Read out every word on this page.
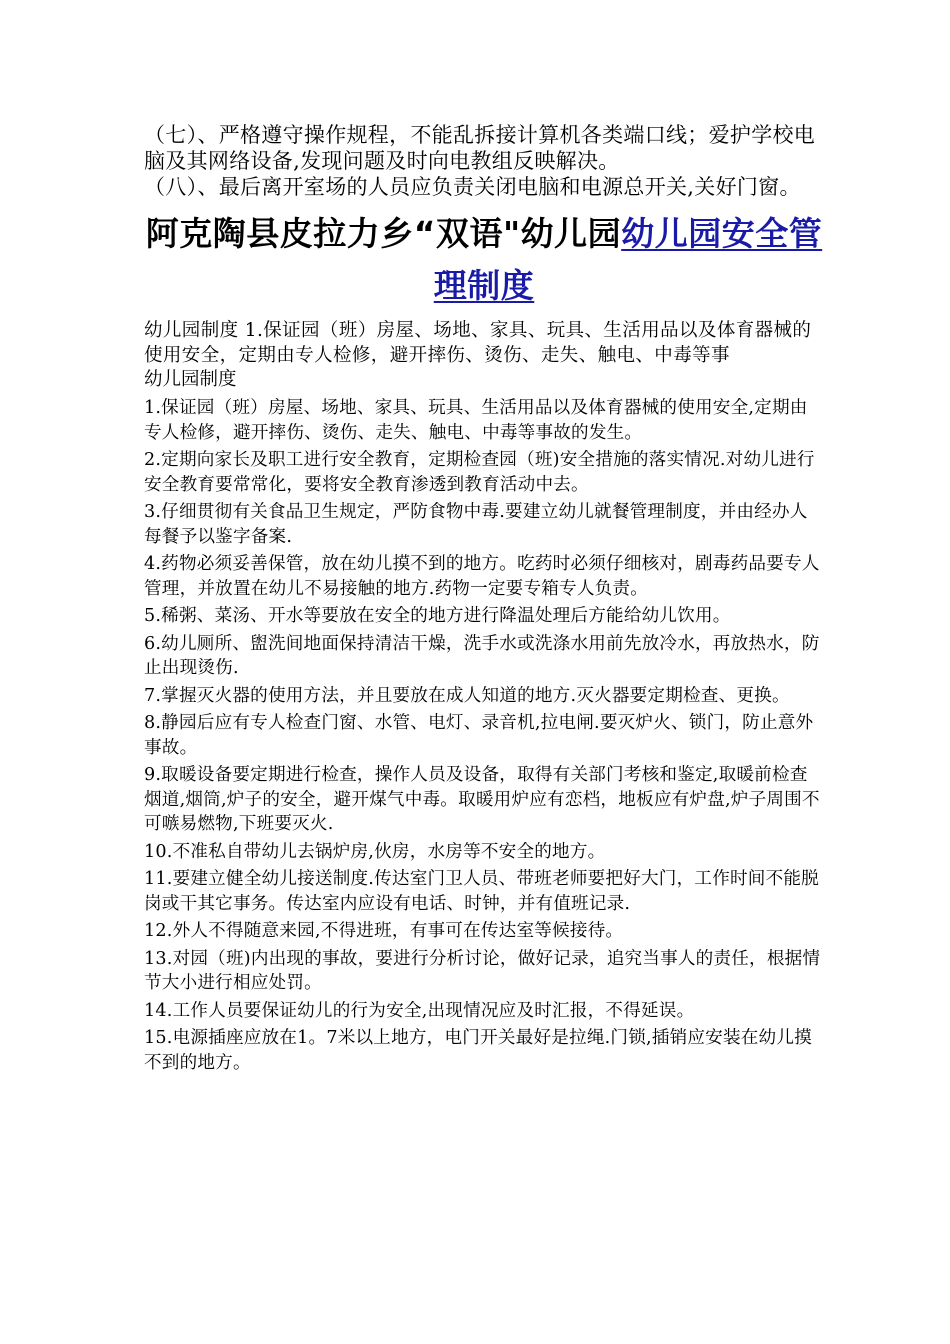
（七）、严格遵守操作规程，不能乱拆接计算机各类端口线；爱护学校电脑及其网络设备,发现问题及时向电教组反映解决。

（八）、最后离开室场的人员应负责关闭电脑和电源总开关,关好门窗。

阿克陶县皮拉力乡“双语"幼儿园幼儿园安全管理制度

幼儿园制度 1.保证园（班）房屋、场地、家具、玩具、生活用品以及体育器械的使用安全，定期由专人检修，避开摔伤、烫伤、走失、触电、中毒等事

幼儿园制度

1.保证园（班）房屋、场地、家具、玩具、生活用品以及体育器械的使用安全,定期由专人检修，避开摔伤、烫伤、走失、触电、中毒等事故的发生。
2.定期向家长及职工进行安全教育，定期检查园（班)安全措施的落实情况.对幼儿进行安全教育要常常化，要将安全教育渗透到教育活动中去。
3.仔细贯彻有关食品卫生规定，严防食物中毒.要建立幼儿就餐管理制度，并由经办人每餐予以鉴字备案.
4.药物必须妥善保管，放在幼儿摸不到的地方。吃药时必须仔细核对，剧毒药品要专人管理，并放置在幼儿不易接触的地方.药物一定要专箱专人负责。
5.稀粥、菜汤、开水等要放在安全的地方进行降温处理后方能给幼儿饮用。
6.幼儿厕所、盥洗间地面保持清洁干燥，洗手水或洗涤水用前先放冷水，再放热水，防止出现烫伤.
7.掌握灭火器的使用方法，并且要放在成人知道的地方.灭火器要定期检查、更换。
8.静园后应有专人检查门窗、水管、电灯、录音机,拉电闸.要灭炉火、锁门，防止意外事故。
9.取暖设备要定期进行检查，操作人员及设备，取得有关部门考核和鉴定,取暖前检查烟道,烟筒,炉子的安全，避开煤气中毒。取暖用炉应有恋档，地板应有炉盘,炉子周围不可嗾易燃物,下班要灭火.
10.不准私自带幼儿去锅炉房,伙房，水房等不安全的地方。
11.要建立健全幼儿接送制度.传达室门卫人员、带班老师要把好大门，工作时间不能脱岗或干其它事务。传达室内应设有电话、时钟，并有值班记录.
12.外人不得随意来园,不得进班，有事可在传达室等候接待。
13.对园（班)内出现的事故，要进行分析讨论，做好记录，追究当事人的责任，根据情节大小进行相应处罚。
14.工作人员要保证幼儿的行为安全,出现情况应及时汇报，不得延误。
15.电源插座应放在1。7米以上地方，电门开关最好是拉绳.门锁,插销应安装在幼儿摸不到的地方。
